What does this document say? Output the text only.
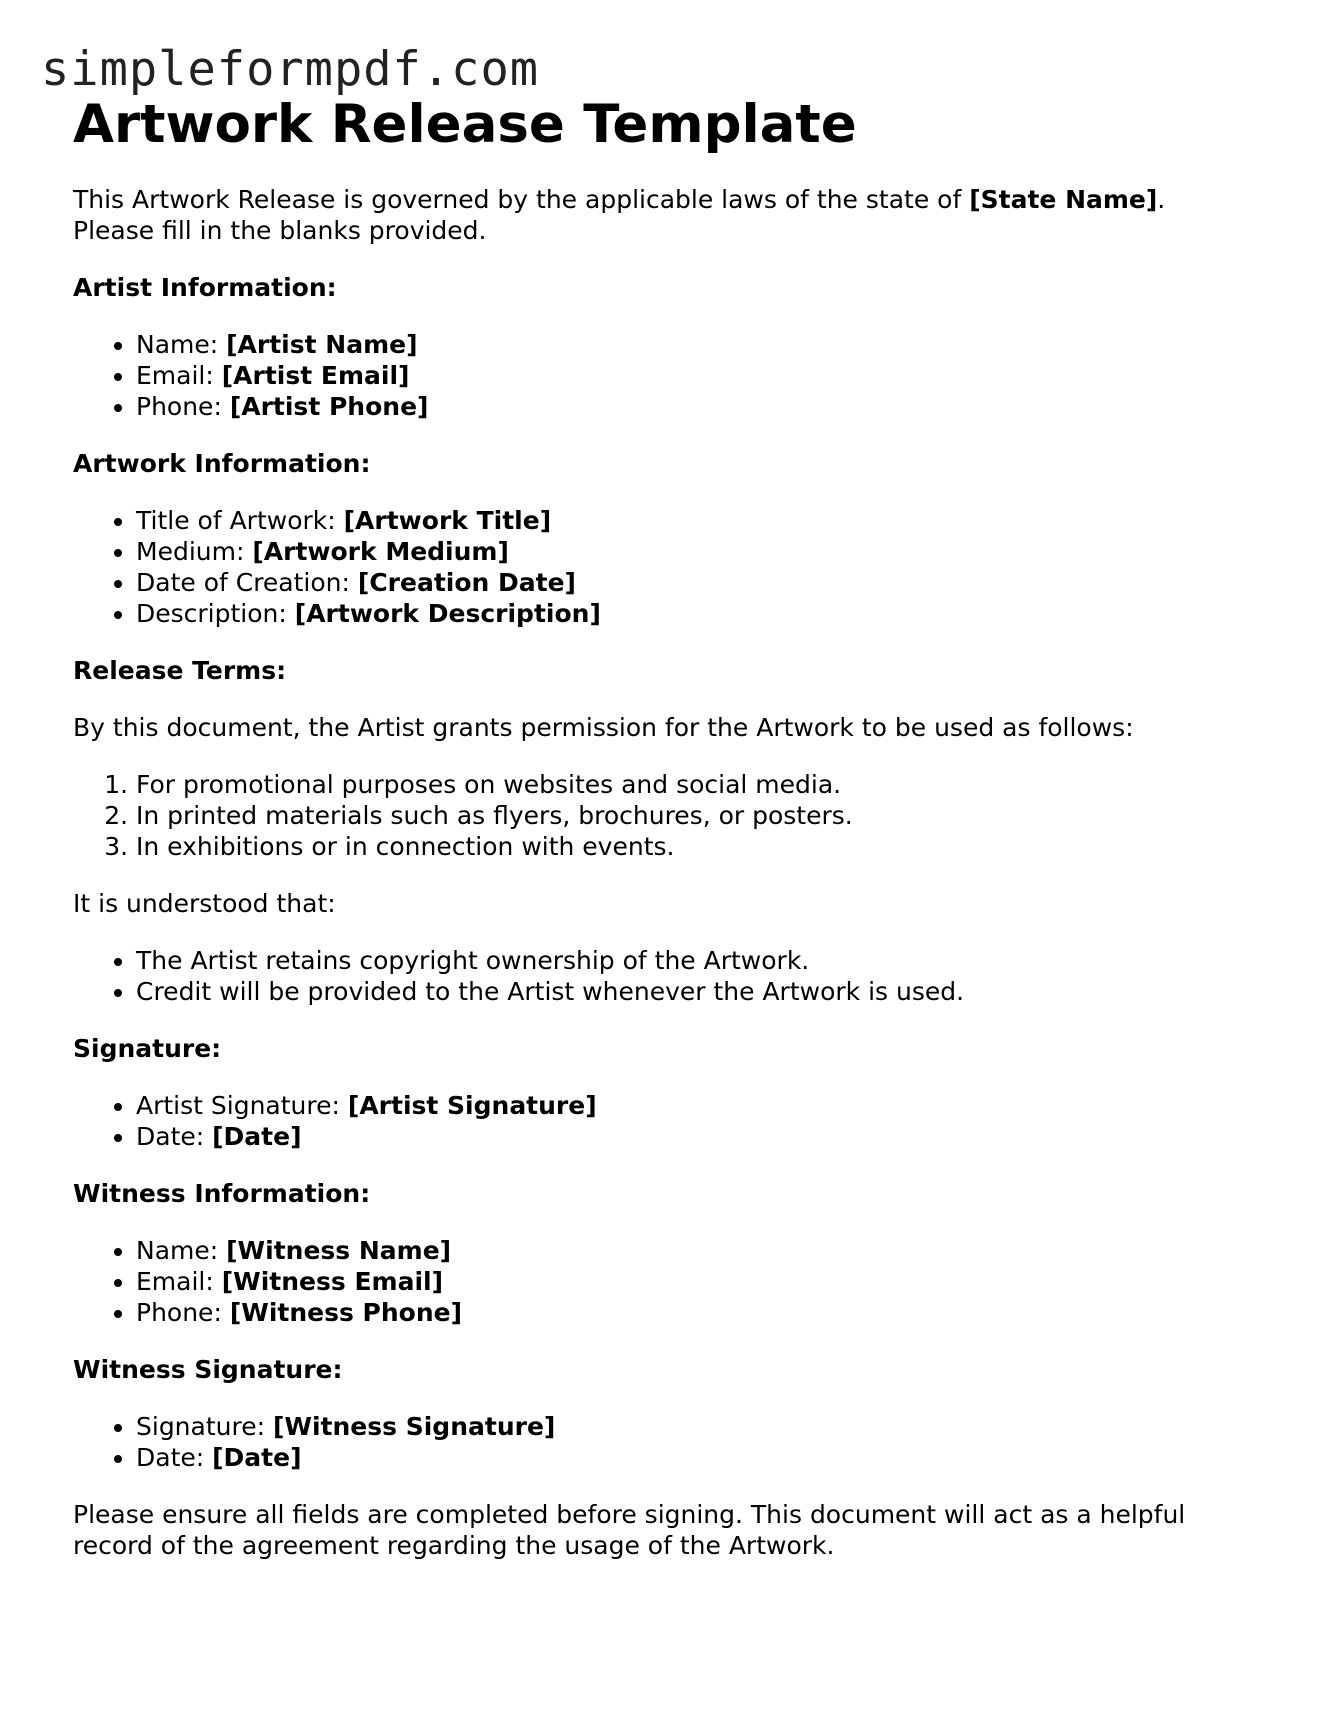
simpleformpdf.com
Artwork Release Template

This Artwork Release is governed by the applicable laws of the state of [State Name].
Please fill in the blanks provided.

Artist Information:

• Name: [Artist Name]
• Email: [Artist Email]
• Phone: [Artist Phone]

Artwork Information:

• Title of Artwork: [Artwork Title]
• Medium: [Artwork Medium]
• Date of Creation: [Creation Date]
• Description: [Artwork Description]

Release Terms:

By this document, the Artist grants permission for the Artwork to be used as follows:

1. For promotional purposes on websites and social media.
2. In printed materials such as flyers, brochures, or posters.
3. In exhibitions or in connection with events.

It is understood that:

• The Artist retains copyright ownership of the Artwork.
• Credit will be provided to the Artist whenever the Artwork is used.

Signature:

• Artist Signature: [Artist Signature]
• Date: [Date]

Witness Information:

• Name: [Witness Name]
• Email: [Witness Email]
• Phone: [Witness Phone]

Witness Signature:

• Signature: [Witness Signature]
• Date: [Date]

Please ensure all fields are completed before signing. This document will act as a helpful
record of the agreement regarding the usage of the Artwork.
